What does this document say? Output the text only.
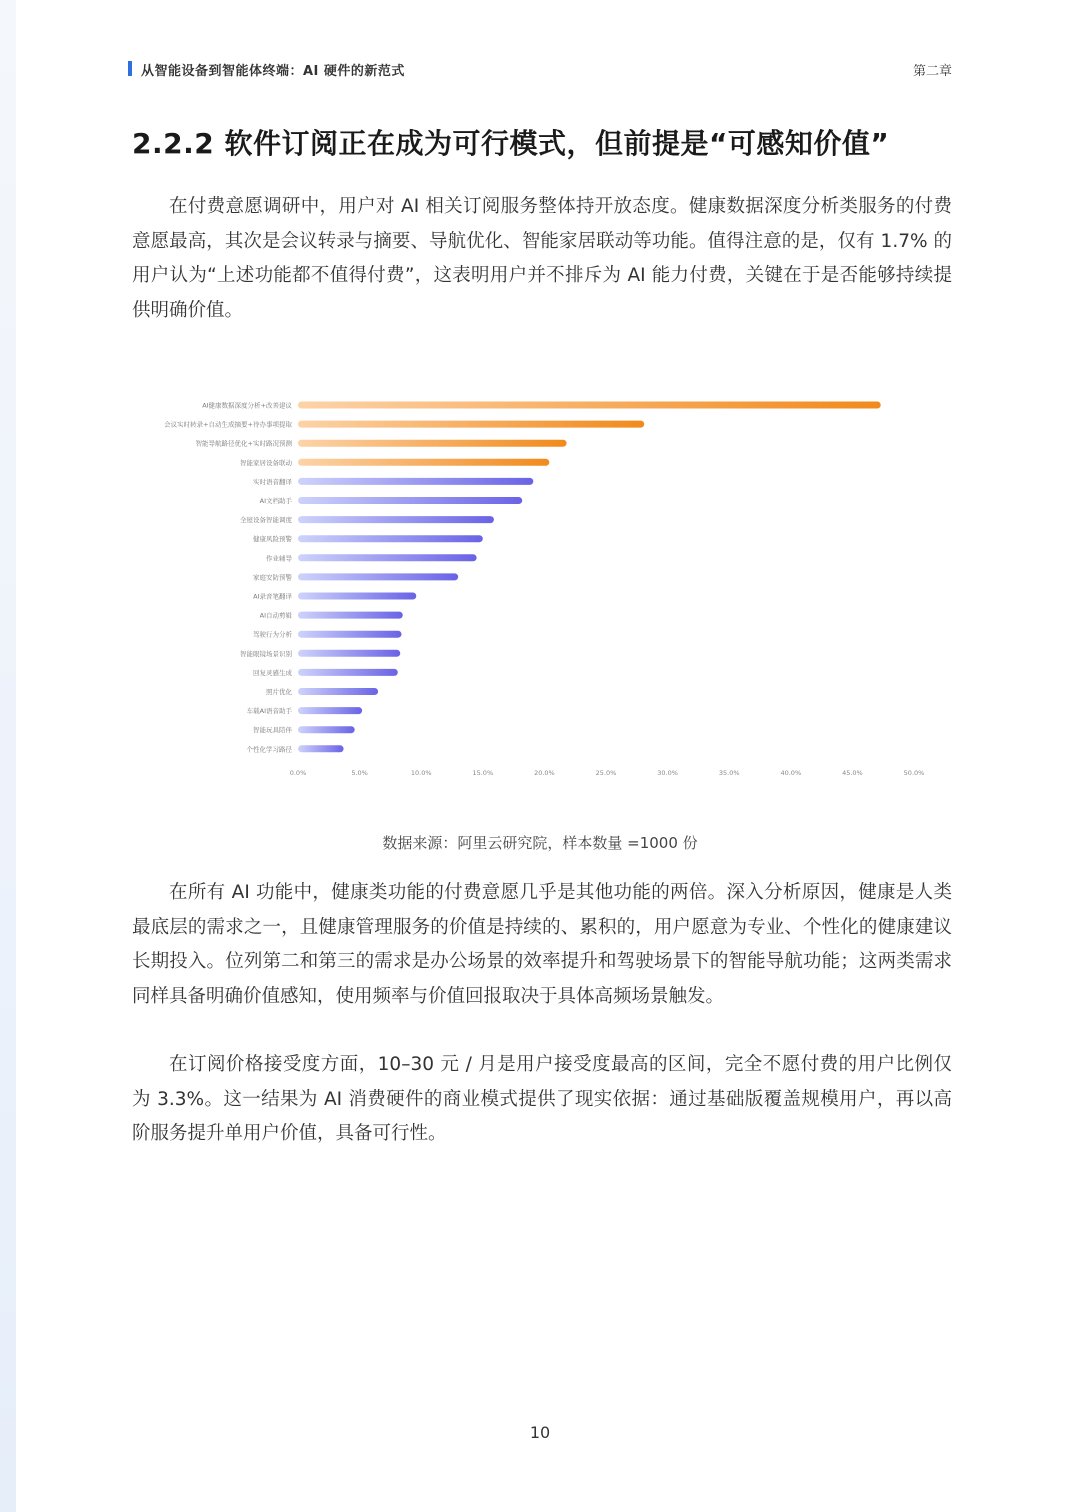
从智能设备到智能体终端：AI 硬件的新范式	第二章
2.2.2 软件订阅正在成为可行模式，但前提是“可感知价值”

在付费意愿调研中，用户对 AI 相关订阅服务整体持开放态度。健康数据深度分析类服务的付费意愿最高，其次是会议转录与摘要、导航优化、智能家居联动等功能。值得注意的是，仅有 1.7% 的用户认为“上述功能都不值得付费”，这表明用户并不排斥为 AI 能力付费，关键在于是否能够持续提供明确价值。

AI健康数据深度分析+改善建议
会议实时转录+自动生成摘要+待办事项提取
智能导航路径优化+实时路况预测
智能家居设备联动
实时语音翻译
AI文档助手
全屋设备智能调度
健康风险预警
作业辅导
家庭安防预警
AI录音笔翻译
AI自动剪辑
驾驶行为分析
智能眼镜场景识别
回复灵感生成
照片优化
车载AI语音助手
智能玩具陪伴
个性化学习路径
0.0%	5.0%	10.0%	15.0%	20.0%	25.0%	30.0%	35.0%	40.0%	45.0%	50.0%
数据来源：阿里云研究院，样本数量 =1000 份

在所有 AI 功能中，健康类功能的付费意愿几乎是其他功能的两倍。深入分析原因，健康是人类最底层的需求之一，且健康管理服务的价值是持续的、累积的，用户愿意为专业、个性化的健康建议长期投入。位列第二和第三的需求是办公场景的效率提升和驾驶场景下的智能导航功能；这两类需求同样具备明确价值感知，使用频率与价值回报取决于具体高频场景触发。

在订阅价格接受度方面，10–30 元 / 月是用户接受度最高的区间，完全不愿付费的用户比例仅为 3.3%。这一结果为 AI 消费硬件的商业模式提供了现实依据：通过基础版覆盖规模用户，再以高阶服务提升单用户价值，具备可行性。

10
